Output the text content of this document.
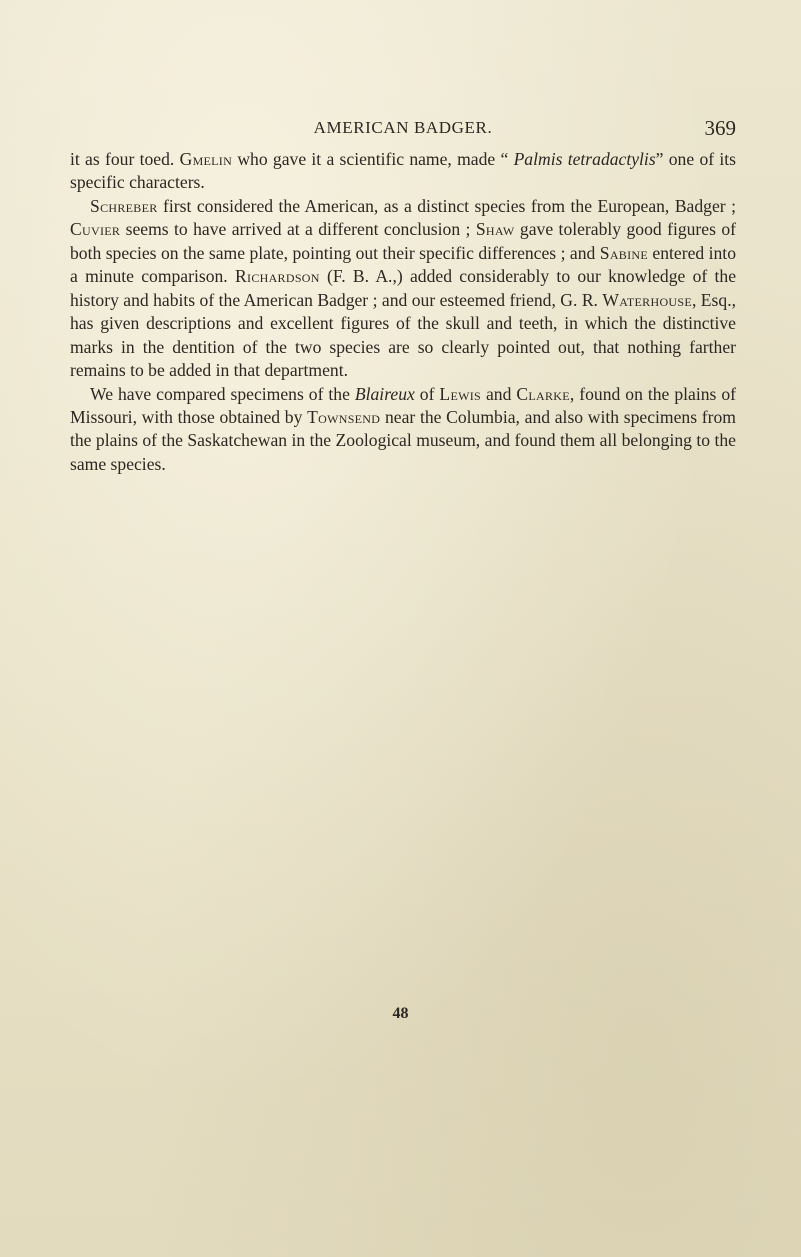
AMERICAN BADGER.	369

it as four toed. Gmelin who gave it a scientific name, made “ Palmis tetradactylis” one of its specific characters.

Schreber first considered the American, as a distinct species from the European, Badger ; Cuvier seems to have arrived at a different conclusion ; Shaw gave tolerably good figures of both species on the same plate, pointing out their specific differences ; and Sabine entered into a minute comparison. Richardson (F. B. A.,) added considerably to our knowledge of the history and habits of the American Badger ; and our esteemed friend, G. R. Waterhouse, Esq., has given descriptions and excellent figures of the skull and teeth, in which the distinctive marks in the dentition of the two species are so clearly pointed out, that nothing farther remains to be added in that department.

We have compared specimens of the Blaireux of Lewis and Clarke, found on the plains of Missouri, with those obtained by Townsend near the Columbia, and also with specimens from the plains of the Saskatchewan in the Zoological museum, and found them all belonging to the same species.

48
